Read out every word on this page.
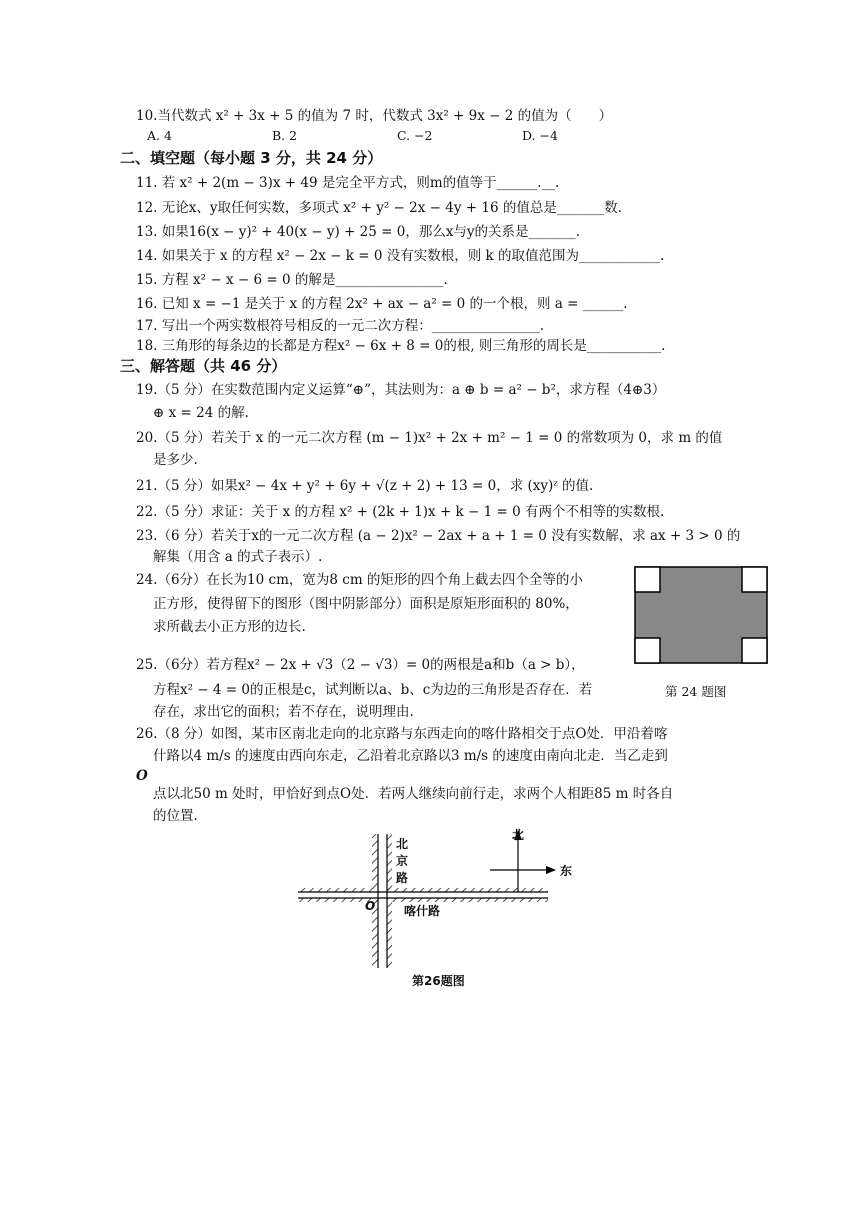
10.当代数式 x² + 3x + 5 的值为 7 时，代数式 3x² + 9x − 2 的值为（　　）
A. 4	B. 2	C. −2	D. −4
二、填空题（每小题 3 分，共 24 分）
11. 若 x² + 2(m − 3)x + 49 是完全平方式，则m的值等于______.__.
12. 无论x、y取任何实数，多项式 x² + y² − 2x − 4y + 16 的值总是_______数.
13. 如果16(x − y)² + 40(x − y) + 25 = 0，那么x与y的关系是_______.
14. 如果关于 x 的方程 x² − 2x − k = 0 没有实数根，则 k 的取值范围为____________.
15. 方程 x² − x − 6 = 0 的解是________________.
16. 已知 x = −1 是关于 x 的方程 2x² + ax − a² = 0 的一个根，则 a = ______.
17. 写出一个两实数根符号相反的一元二次方程：________________.
18. 三角形的每条边的长都是方程x² − 6x + 8 = 0的根, 则三角形的周长是___________.
三、解答题（共 46 分）
19.（5 分）在实数范围内定义运算“⊕”，其法则为：a ⊕ b = a² − b²，求方程（4⊕3）
⊕ x = 24 的解.
20.（5 分）若关于 x 的一元二次方程 (m − 1)x² + 2x + m² − 1 = 0 的常数项为 0，求 m 的值
是多少.
21.（5 分）如果x² − 4x + y² + 6y + √(z + 2) + 13 = 0，求 (xy)ᶻ 的值.
22.（5 分）求证：关于 x 的方程 x² + (2k + 1)x + k − 1 = 0 有两个不相等的实数根.
23.（6 分）若关于x的一元二次方程 (a − 2)x² − 2ax + a + 1 = 0 没有实数解，求 ax + 3 > 0 的
解集（用含 a 的式子表示）.
24.（6分）在长为10 cm，宽为8 cm 的矩形的四个角上截去四个全等的小
正方形，使得留下的图形（图中阴影部分）面积是原矩形面积的 80%，
求所截去小正方形的边长.
第 24 题图
25.（6分）若方程x² − 2x + √3（2 − √3）= 0的两根是a和b（a > b），
方程x² − 4 = 0的正根是c，试判断以a、b、c为边的三角形是否存在．若
存在，求出它的面积；若不存在，说明理由.
26.（8 分）如图，某市区南北走向的北京路与东西走向的喀什路相交于点O处．甲沿着喀
什路以4 m/s 的速度由西向东走，乙沿着北京路以3 m/s 的速度由南向北走．当乙走到
O
点以北50 m 处时，甲恰好到点O处．若两人继续向前行走，求两个人相距85 m 时各自
的位置.
北
京
路
喀什路
O
北
东
第26题图
